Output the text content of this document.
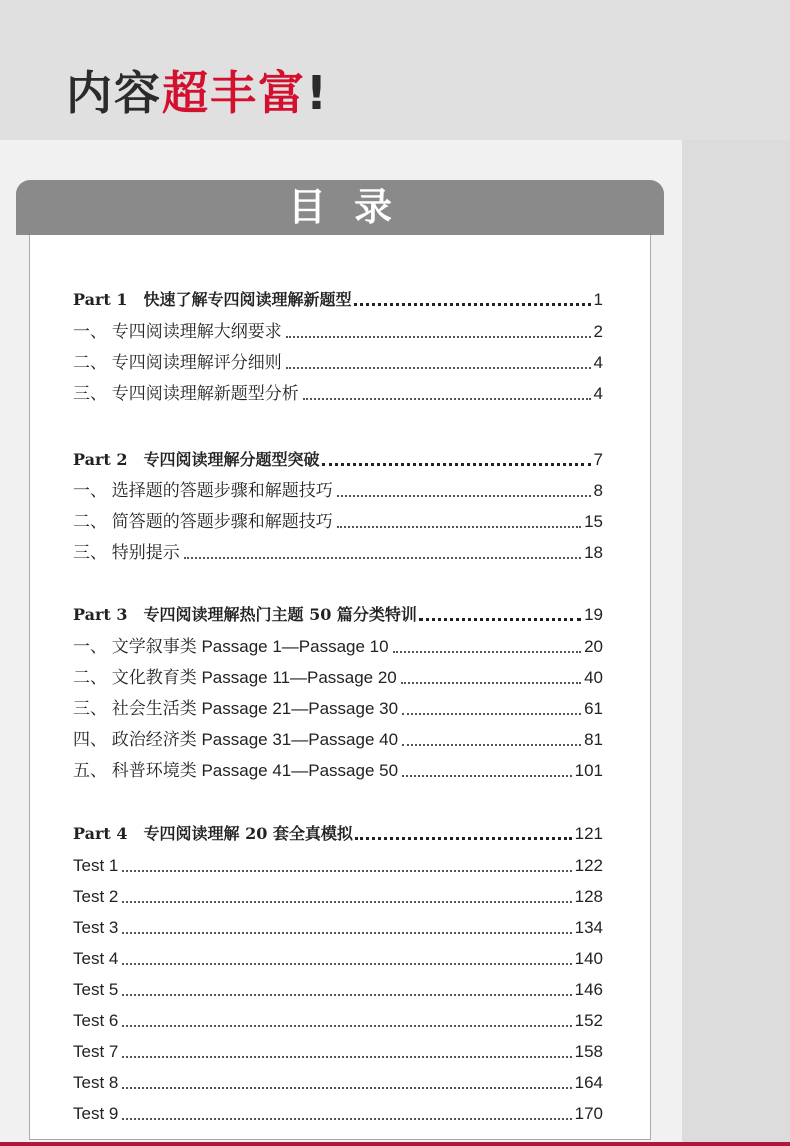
内容超丰富!
目录
Part 1　快速了解专四阅读理解新题型	1
一、 专四阅读理解大纲要求	2
二、 专四阅读理解评分细则	4
三、 专四阅读理解新题型分析	4
Part 2　专四阅读理解分题型突破	7
一、 选择题的答题步骤和解题技巧	8
二、 简答题的答题步骤和解题技巧	15
三、 特别提示	18
Part 3　专四阅读理解热门主题 50 篇分类特训	19
一、 文学叙事类 Passage 1—Passage 10	20
二、 文化教育类 Passage 11—Passage 20	40
三、 社会生活类 Passage 21—Passage 30	61
四、 政治经济类 Passage 31—Passage 40	81
五、 科普环境类 Passage 41—Passage 50	101
Part 4　专四阅读理解 20 套全真模拟	121
Test 1	122
Test 2	128
Test 3	134
Test 4	140
Test 5	146
Test 6	152
Test 7	158
Test 8	164
Test 9	170
